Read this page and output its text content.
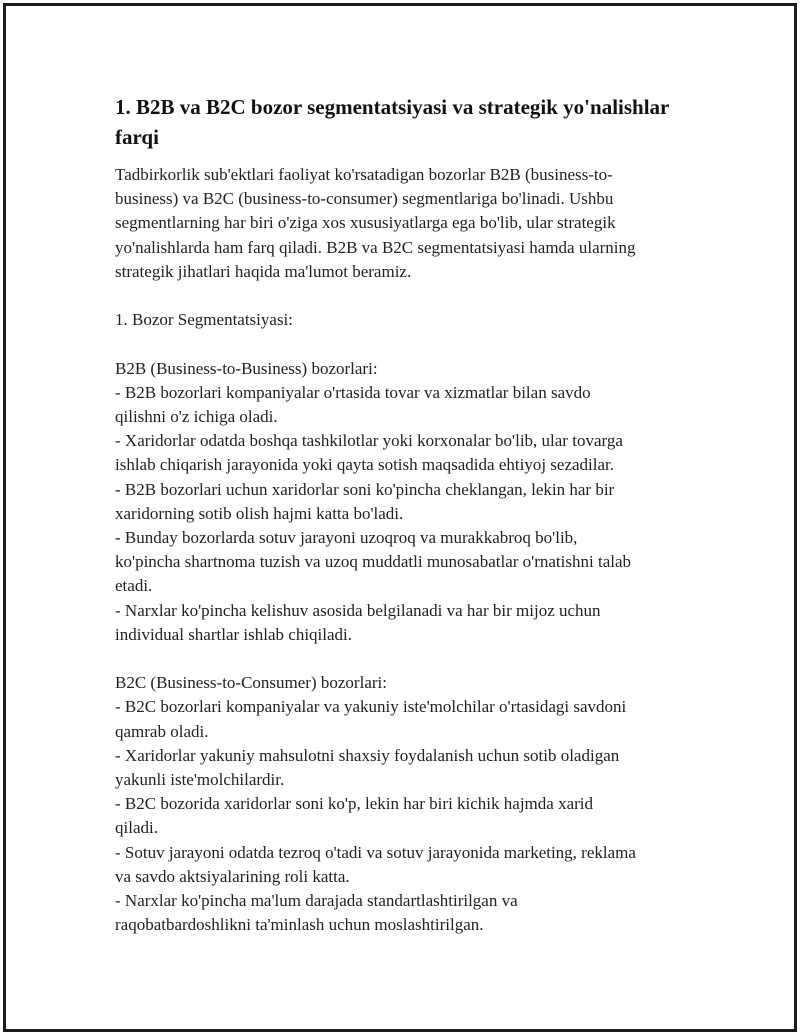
1. B2B va B2C bozor segmentatsiyasi va strategik yo'nalishlar
farqi
Tadbirkorlik sub'ektlari faoliyat ko'rsatadigan bozorlar B2B (business-to-
business) va B2C (business-to-consumer) segmentlariga bo'linadi. Ushbu
segmentlarning har biri o'ziga xos xususiyatlarga ega bo'lib, ular strategik
yo'nalishlarda ham farq qiladi. B2B va B2C segmentatsiyasi hamda ularning
strategik jihatlari haqida ma'lumot beramiz.
1. Bozor Segmentatsiyasi:
B2B (Business-to-Business) bozorlari:
- B2B bozorlari kompaniyalar o'rtasida tovar va xizmatlar bilan savdo
qilishni o'z ichiga oladi.
- Xaridorlar odatda boshqa tashkilotlar yoki korxonalar bo'lib, ular tovarga
ishlab chiqarish jarayonida yoki qayta sotish maqsadida ehtiyoj sezadilar.
- B2B bozorlari uchun xaridorlar soni ko'pincha cheklangan, lekin har bir
xaridorning sotib olish hajmi katta bo'ladi.
- Bunday bozorlarda sotuv jarayoni uzoqroq va murakkabroq bo'lib,
ko'pincha shartnoma tuzish va uzoq muddatli munosabatlar o'rnatishni talab
etadi.
- Narxlar ko'pincha kelishuv asosida belgilanadi va har bir mijoz uchun
individual shartlar ishlab chiqiladi.
B2C (Business-to-Consumer) bozorlari:
- B2C bozorlari kompaniyalar va yakuniy iste'molchilar o'rtasidagi savdoni
qamrab oladi.
- Xaridorlar yakuniy mahsulotni shaxsiy foydalanish uchun sotib oladigan
yakunli iste'molchilardir.
- B2C bozorida xaridorlar soni ko'p, lekin har biri kichik hajmda xarid
qiladi.
- Sotuv jarayoni odatda tezroq o'tadi va sotuv jarayonida marketing, reklama
va savdo aktsiyalarining roli katta.
- Narxlar ko'pincha ma'lum darajada standartlashtirilgan va
raqobatbardoshlikni ta'minlash uchun moslashtirilgan.
